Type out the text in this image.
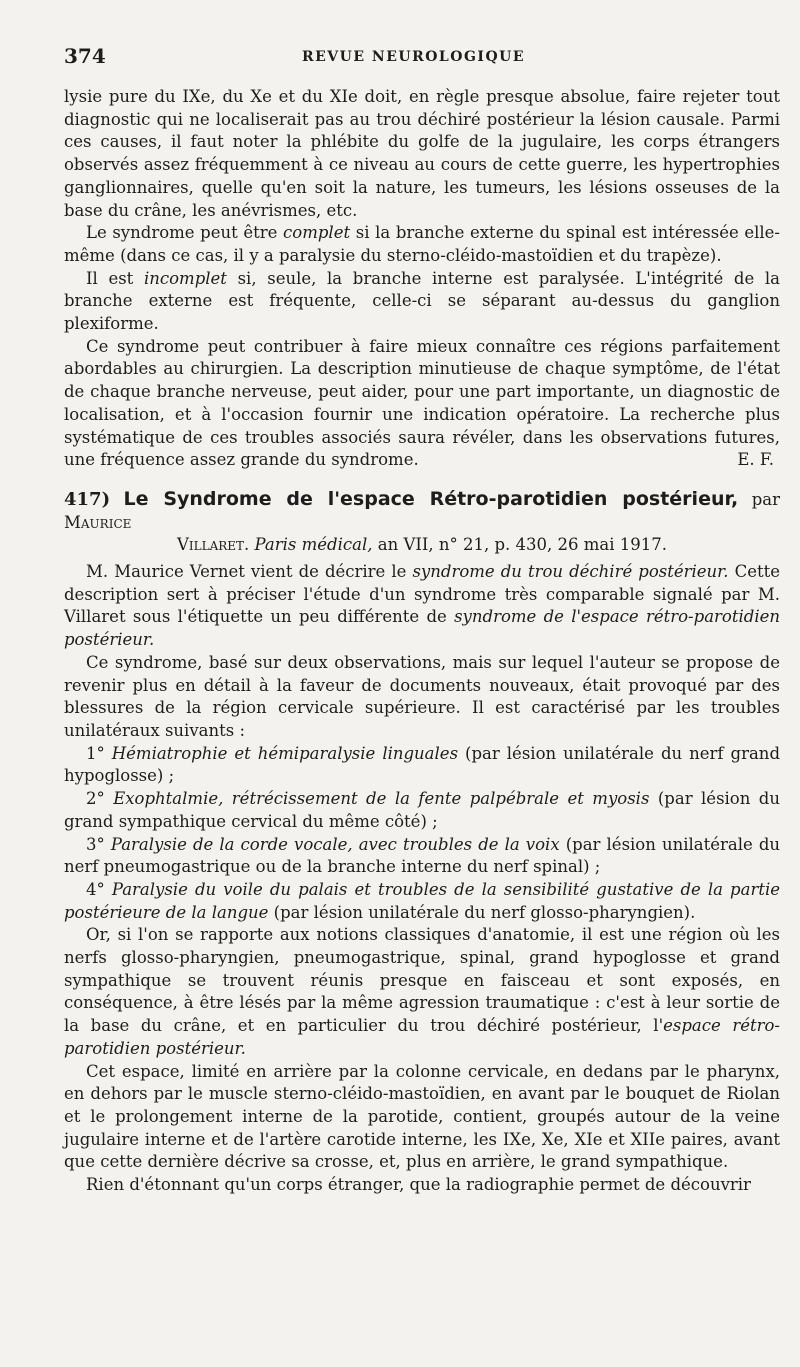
374	REVUE NEUROLOGIQUE

lysie pure du IXe, du Xe et du XIe doit, en règle presque absolue, faire rejeter tout diagnostic qui ne localiserait pas au trou déchiré postérieur la lésion causale. Parmi ces causes, il faut noter la phlébite du golfe de la jugulaire, les corps étrangers observés assez fréquemment à ce niveau au cours de cette guerre, les hypertrophies ganglionnaires, quelle qu'en soit la nature, les tumeurs, les lésions osseuses de la base du crâne, les anévrismes, etc.

Le syndrome peut être complet si la branche externe du spinal est intéressée elle-même (dans ce cas, il y a paralysie du sterno-cléido-mastoïdien et du trapèze).

Il est incomplet si, seule, la branche interne est paralysée. L'intégrité de la branche externe est fréquente, celle-ci se séparant au-dessus du ganglion plexiforme.

Ce syndrome peut contribuer à faire mieux connaître ces régions parfaitement abordables au chirurgien. La description minutieuse de chaque symptôme, de l'état de chaque branche nerveuse, peut aider, pour une part importante, un diagnostic de localisation, et à l'occasion fournir une indication opératoire. La recherche plus systématique de ces troubles associés saura révéler, dans les observations futures, une fréquence assez grande du syndrome.	E. F.

417) Le Syndrome de l'espace Rétro-parotidien postérieur, par Maurice

Villaret. Paris médical, an VII, n° 21, p. 430, 26 mai 1917.

M. Maurice Vernet vient de décrire le syndrome du trou déchiré postérieur. Cette description sert à préciser l'étude d'un syndrome très comparable signalé par M. Villaret sous l'étiquette un peu différente de syndrome de l'espace rétro-parotidien postérieur.

Ce syndrome, basé sur deux observations, mais sur lequel l'auteur se propose de revenir plus en détail à la faveur de documents nouveaux, était provoqué par des blessures de la région cervicale supérieure. Il est caractérisé par les troubles unilatéraux suivants :

1° Hémiatrophie et hémiparalysie linguales (par lésion unilatérale du nerf grand hypoglosse) ;

2° Exophtalmie, rétrécissement de la fente palpébrale et myosis (par lésion du grand sympathique cervical du même côté) ;

3° Paralysie de la corde vocale, avec troubles de la voix (par lésion unilatérale du nerf pneumogastrique ou de la branche interne du nerf spinal) ;

4° Paralysie du voile du palais et troubles de la sensibilité gustative de la partie postérieure de la langue (par lésion unilatérale du nerf glosso-pharyngien).

Or, si l'on se rapporte aux notions classiques d'anatomie, il est une région où les nerfs glosso-pharyngien, pneumogastrique, spinal, grand hypoglosse et grand sympathique se trouvent réunis presque en faisceau et sont exposés, en conséquence, à être lésés par la même agression traumatique : c'est à leur sortie de la base du crâne, et en particulier du trou déchiré postérieur, l'espace rétro-parotidien postérieur.

Cet espace, limité en arrière par la colonne cervicale, en dedans par le pharynx, en dehors par le muscle sterno-cléido-mastoïdien, en avant par le bouquet de Riolan et le prolongement interne de la parotide, contient, groupés autour de la veine jugulaire interne et de l'artère carotide interne, les IXe, Xe, XIe et XIIe paires, avant que cette dernière décrive sa crosse, et, plus en arrière, le grand sympathique.

Rien d'étonnant qu'un corps étranger, que la radiographie permet de découvrir
